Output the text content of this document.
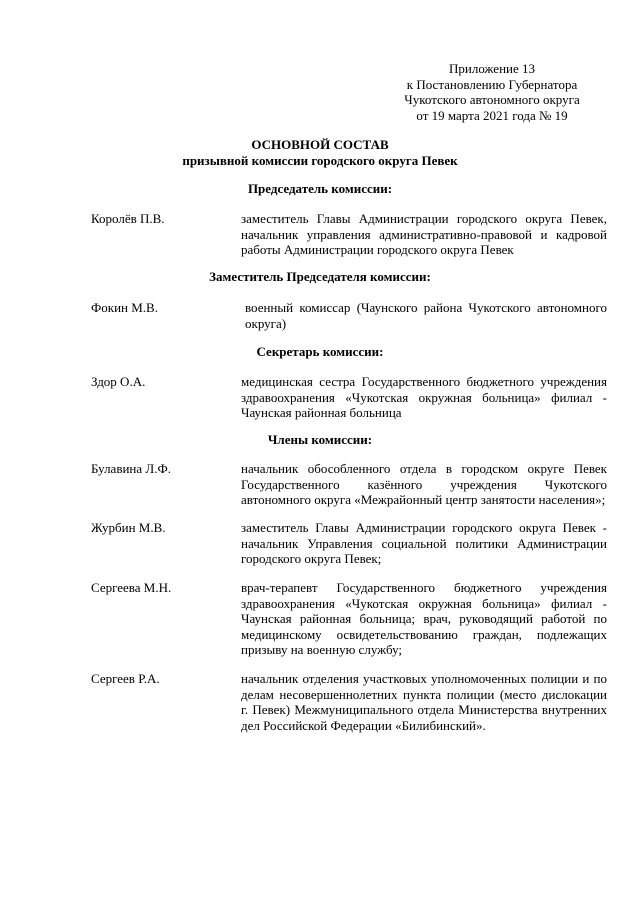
Приложение 13
к Постановлению Губернатора
Чукотского автономного округа
от 19 марта 2021 года № 19
ОСНОВНОЙ СОСТАВ
призывной комиссии городского округа Певек
Председатель комиссии:
Королёв П.В.	заместитель Главы Администрации городского округа Певек,
начальник управления административно-правовой и кадровой
работы Администрации городского округа Певек
Заместитель Председателя комиссии:
Фокин М.В.	военный комиссар (Чаунского района Чукотского автономного
округа)
Секретарь комиссии:
Здор О.А.	медицинская сестра Государственного бюджетного учреждения
здравоохранения «Чукотская окружная больница» филиал -
Чаунская районная больница
Члены комиссии:
Булавина Л.Ф.	начальник обособленного отдела в городском округе Певек
Государственного казённого учреждения Чукотского
автономного округа «Межрайонный центр занятости населения»;
Журбин М.В.	заместитель Главы Администрации городского округа Певек -
начальник Управления социальной политики Администрации
городского округа Певек;
Сергеева М.Н.	врач-терапевт Государственного бюджетного учреждения
здравоохранения «Чукотская окружная больница» филиал -
Чаунская районная больница; врач, руководящий работой по
медицинскому освидетельствованию граждан, подлежащих
призыву на военную службу;
Сергеев Р.А.	начальник отделения участковых уполномоченных полиции и по
делам несовершеннолетних пункта полиции (место дислокации
г. Певек) Межмуниципального отдела Министерства внутренних
дел Российской Федерации «Билибинский».
